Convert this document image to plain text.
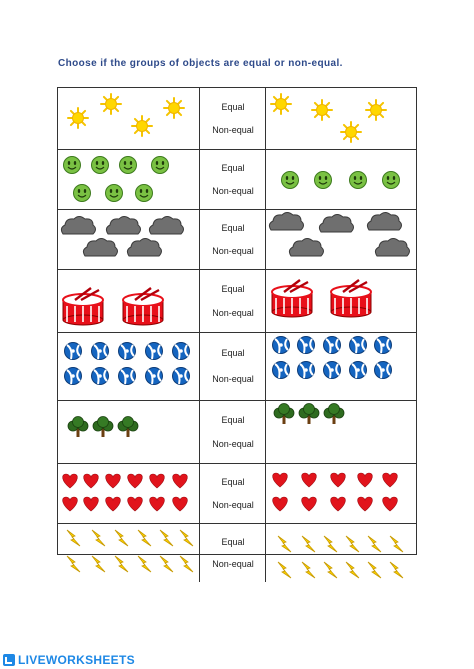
Choose if the groups of objects are equal or non-equal.
Equal
Non-equal
Equal
Non-equal
Equal
Non-equal
Equal
Non-equal
Equal
Non-equal
Equal
Non-equal
Equal
Non-equal
Equal
Non-equal
LIVEWORKSHEETS
